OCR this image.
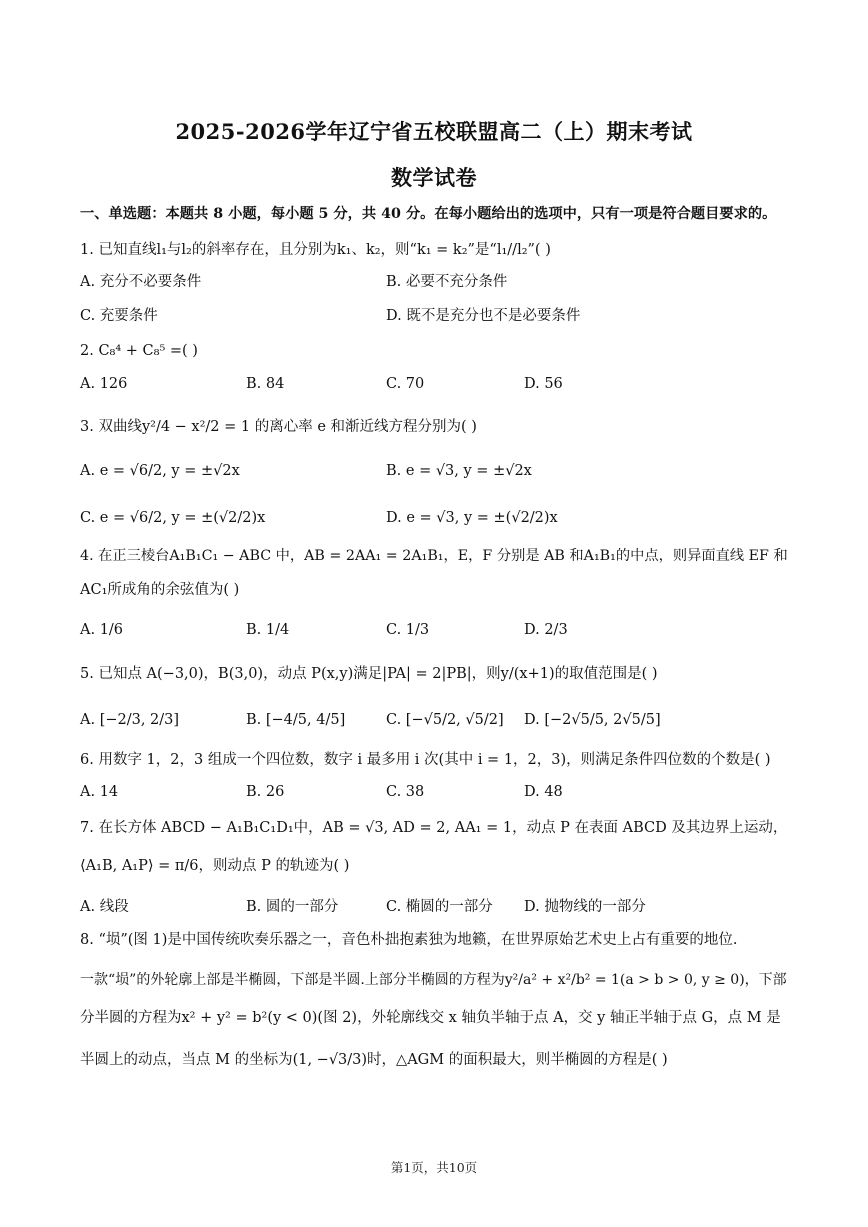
2025-2026学年辽宁省五校联盟高二（上）期末考试
数学试卷
一、单选题：本题共 8 小题，每小题 5 分，共 40 分。在每小题给出的选项中，只有一项是符合题目要求的。
1. 已知直线l₁与l₂的斜率存在，且分别为k₁、k₂，则“k₁ = k₂”是“l₁//l₂”( )
A. 充分不必要条件	B. 必要不充分条件
C. 充要条件	D. 既不是充分也不是必要条件
2. C₈⁴ + C₈⁵ =( )
A. 126	B. 84	C. 70	D. 56
3. 双曲线y²/4 − x²/2 = 1 的离心率 e 和渐近线方程分别为( )
A. e = √6/2, y = ±√2x	B. e = √3, y = ±√2x
C. e = √6/2, y = ±(√2/2)x	D. e = √3, y = ±(√2/2)x
4. 在正三棱台A₁B₁C₁ − ABC 中，AB = 2AA₁ = 2A₁B₁，E，F 分别是 AB 和A₁B₁的中点，则异面直线 EF 和
AC₁所成角的余弦值为( )
A. 1/6	B. 1/4	C. 1/3	D. 2/3
5. 已知点 A(−3,0)，B(3,0)，动点 P(x,y)满足|PA| = 2|PB|，则y/(x+1)的取值范围是( )
A. [−2/3, 2/3]	B. [−4/5, 4/5]	C. [−√5/2, √5/2] D. [−2√5/5, 2√5/5]
6. 用数字 1，2，3 组成一个四位数，数字 i 最多用 i 次(其中 i = 1，2，3)，则满足条件四位数的个数是( )
A. 14	B. 26	C. 38	D. 48
7. 在长方体 ABCD − A₁B₁C₁D₁中，AB = √3, AD = 2, AA₁ = 1，动点 P 在表面 ABCD 及其边界上运动，
⟨A₁B, A₁P⟩ = π/6，则动点 P 的轨迹为( )
A. 线段	B. 圆的一部分	C. 椭圆的一部分 D. 抛物线的一部分
8. “埙”(图 1)是中国传统吹奏乐器之一，音色朴拙抱素独为地籁，在世界原始艺术史上占有重要的地位.
一款“埙”的外轮廓上部是半椭圆，下部是半圆.上部分半椭圆的方程为y²/a² + x²/b² = 1(a > b > 0, y ≥ 0)，下部
分半圆的方程为x² + y² = b²(y < 0)(图 2)，外轮廓线交 x 轴负半轴于点 A，交 y 轴正半轴于点 G，点 M 是
半圆上的动点，当点 M 的坐标为(1, −√3/3)时，△AGM 的面积最大，则半椭圆的方程是( )
第1页，共10页
